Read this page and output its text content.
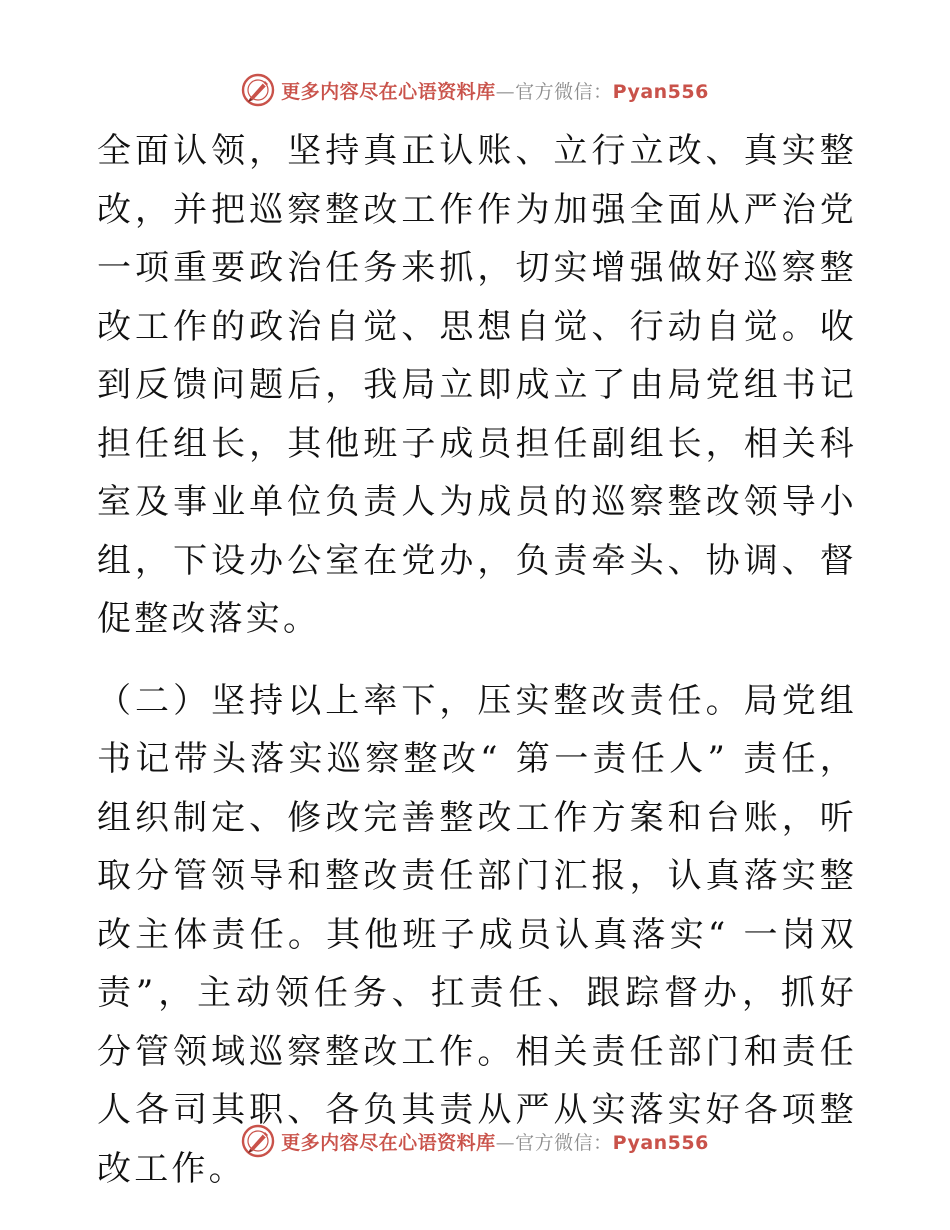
更多内容尽在心语资料库—官方微信：Pyan556

全面认领，坚持真正认账、立行立改、真实整改，并把巡察整改工作作为加强全面从严治党一项重要政治任务来抓，切实增强做好巡察整改工作的政治自觉、思想自觉、行动自觉。收到反馈问题后，我局立即成立了由局党组书记担任组长，其他班子成员担任副组长，相关科室及事业单位负责人为成员的巡察整改领导小组，下设办公室在党办，负责牵头、协调、督促整改落实。

（二）坚持以上率下，压实整改责任。局党组书记带头落实巡察整改“ 第一责任人” 责任，组织制定、修改完善整改工作方案和台账，听取分管领导和整改责任部门汇报，认真落实整改主体责任。其他班子成员认真落实“ 一岗双责”，主动领任务、扛责任、跟踪督办，抓好分管领域巡察整改工作。相关责任部门和责任人各司其职、各负其责从严从实落实好各项整改工作。

更多内容尽在心语资料库—官方微信：Pyan556
